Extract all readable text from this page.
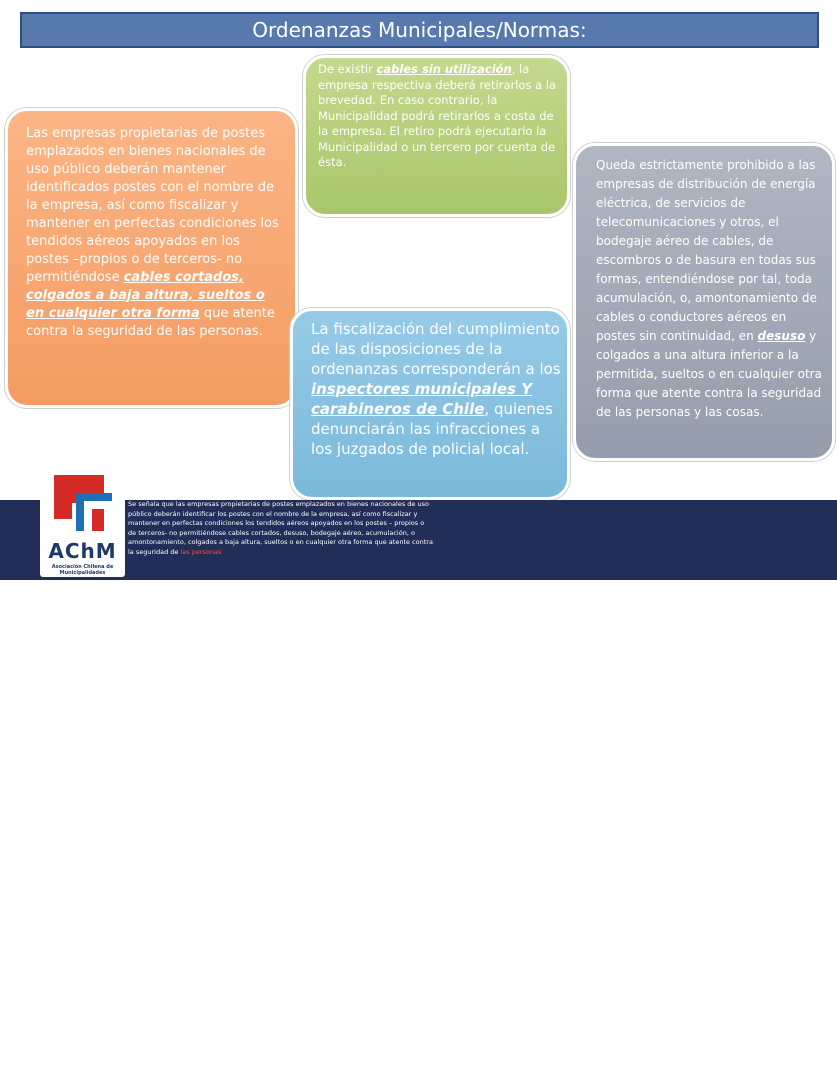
Ordenanzas Municipales/Normas:
Las empresas propietarias de postes emplazados en bienes nacionales de uso público deberán mantener identificados postes con el nombre de la empresa, así como fiscalizar y mantener en perfectas condiciones los tendidos aéreos apoyados en los postes –propios o de terceros- no permitiéndose cables cortados, colgados a baja altura, sueltos o en cualquier otra forma que atente contra la seguridad de las personas.
De existir cables sin utilización, la empresa respectiva deberá retirarlos a la brevedad. En caso contrario, la Municipalidad podrá retirarlos a costa de la empresa. El retiro podrá ejecutarlo la Municipalidad o un tercero por cuenta de ésta.	Queda estrictamente prohibido a las empresas de distribución de energía eléctrica, de servicios de telecomunicaciones y otros, el bodegaje aéreo de cables, de escombros o de basura en todas sus formas, entendiéndose por tal, toda acumulación, o, amontonamiento de cables o conductores aéreos en postes sin continuidad, en desuso y colgados a una altura inferior a la permitida, sueltos o en cualquier otra forma que atente contra la seguridad de las personas y las cosas.
La fiscalización del cumplimiento de las disposiciones de la ordenanzas corresponderán a los inspectores municipales Y carabineros de Chile, quienes denunciarán las infracciones a los juzgados de policial local.
www.achm.cl
Av. Libertador Bernardo O´Higgins Nº 949 - piso 10, Santiago, Chile. Fono: (56) 2 5998 300
www.achm.cl - www.facebook.com/AChMChile - twitter: @AChMunicip - Email: capacitacion@achm.cl
AChM
Asociación Chilena de Municipalidades
Se señala que las empresas propietarias de postes emplazados en bienes nacionales de uso público deberán identificar los postes con el nombre de la empresa, así como fiscalizar y mantener en perfectas condiciones los tendidos aéreos apoyados en los postes – propios o de terceros- no permitiéndose cables cortados, desuso, bodegaje aéreo, acumulación, o amontonamiento, colgados a baja altura, sueltos o en cualquier otra forma que atente contra la seguridad de las personas
